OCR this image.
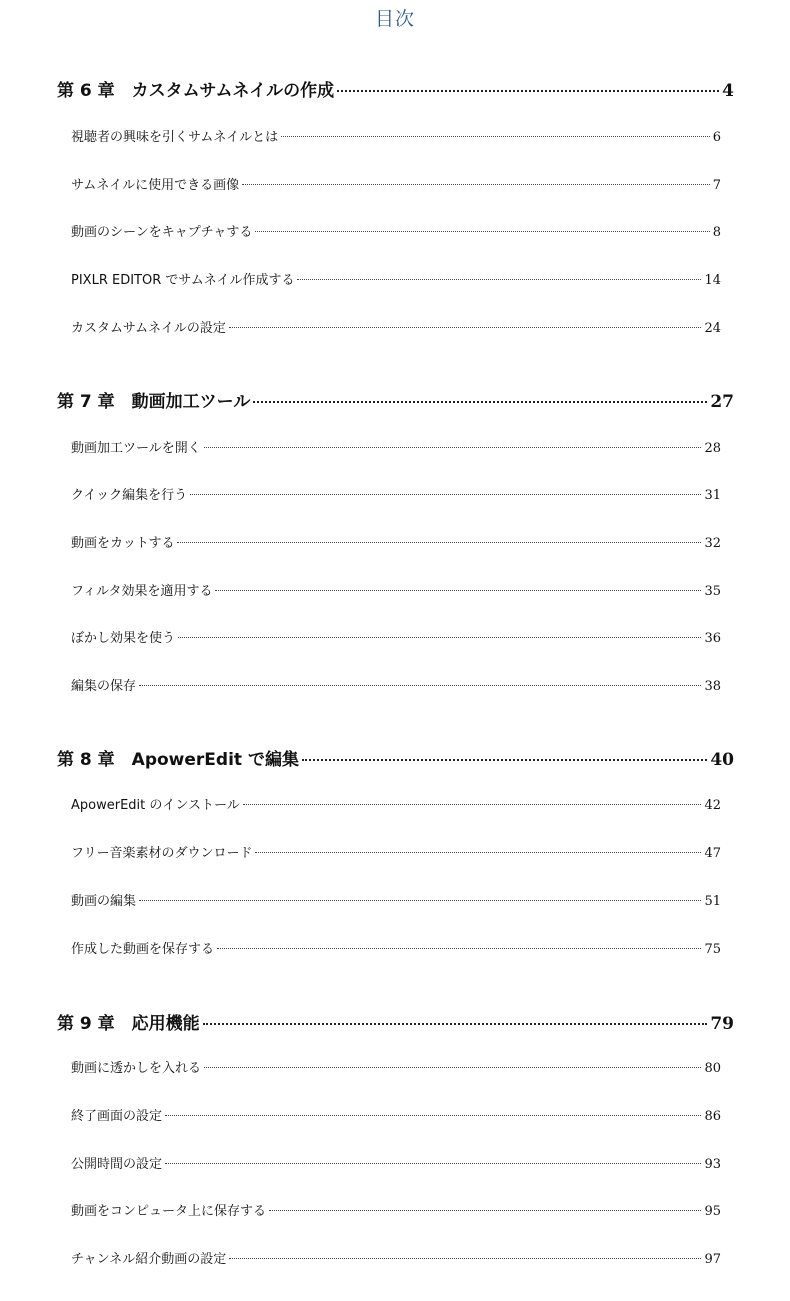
目次
第 6 章　カスタムサムネイルの作成	4
視聴者の興味を引くサムネイルとは	6
サムネイルに使用できる画像	7
動画のシーンをキャプチャする	8
PIXLR EDITOR でサムネイル作成する	14
カスタムサムネイルの設定	24
第 7 章　動画加工ツール	27
動画加工ツールを開く	28
クイック編集を行う	31
動画をカットする	32
フィルタ効果を適用する	35
ぼかし効果を使う	36
編集の保存	38
第 8 章　ApowerEdit で編集	40
ApowerEdit のインストール	42
フリー音楽素材のダウンロード	47
動画の編集	51
作成した動画を保存する	75
第 9 章　応用機能	79
動画に透かしを入れる	80
終了画面の設定	86
公開時間の設定	93
動画をコンピュータ上に保存する	95
チャンネル紹介動画の設定	97
